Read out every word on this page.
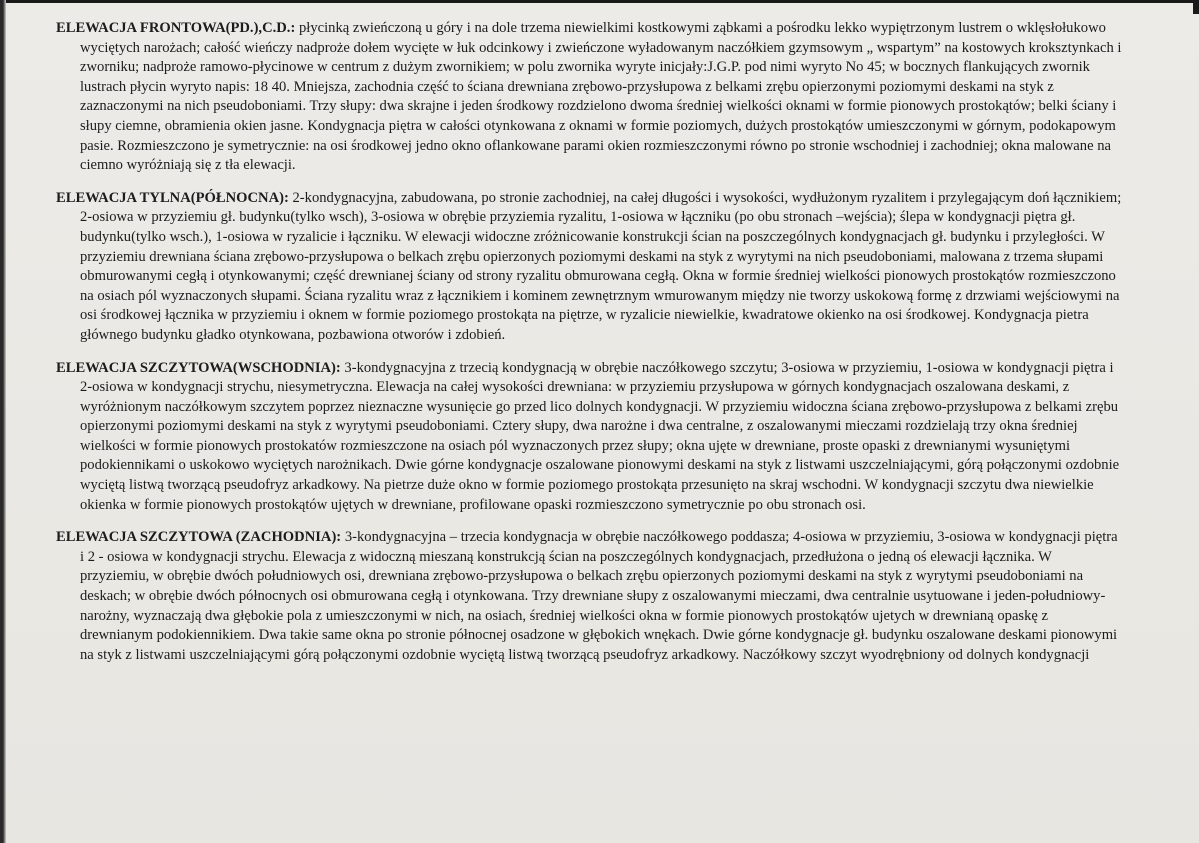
ELEWACJA FRONTOWA(PD.),C.D.: płycinką zwieńczoną u góry i na dole trzema niewielkimi kostkowymi ząbkami a pośrodku lekko wypiętrzonym lustrem o wklęsłołukowo wyciętych narożach; całość wieńczy nadproże dołem wycięte w łuk odcinkowy i zwieńczone wyładowanym naczółkiem gzymsowym „ wspartym” na kostowych kroksztynkach i zworniku; nadproże ramowo-płycinowe w centrum z dużym zwornikiem; w polu zwornika wyryte inicjały:J.G.P. pod nimi wyryto No 45; w bocznych flankujących zwornik lustrach płycin wyryto napis: 18 40. Mniejsza, zachodnia część to ściana drewniana zrębowo-przysłupowa z belkami zrębu opierzonymi poziomymi deskami na styk z zaznaczonymi na nich pseudoboniami. Trzy słupy: dwa skrajne i jeden środkowy rozdzielono dwoma średniej wielkości oknami w formie pionowych prostokątów; belki ściany i słupy ciemne, obramienia okien jasne. Kondygnacja piętra w całości otynkowana z oknami w formie poziomych, dużych prostokątów umieszczonymi w górnym, podokapowym pasie. Rozmieszczono je symetrycznie: na osi środkowej jedno okno oflankowane parami okien rozmieszczonymi równo po stronie wschodniej i zachodniej; okna malowane na ciemno wyróżniają się z tła elewacji.

ELEWACJA TYLNA(PÓŁNOCNA): 2-kondygnacyjna, zabudowana, po stronie zachodniej, na całej długości i wysokości, wydłużonym ryzalitem i przylegającym doń łącznikiem; 2-osiowa w przyziemiu gł. budynku(tylko wsch), 3-osiowa w obrębie przyziemia ryzalitu, 1-osiowa w łączniku (po obu stronach –wejścia); ślepa w kondygnacji piętra gł. budynku(tylko wsch.), 1-osiowa w ryzalicie i łączniku. W elewacji widoczne zróżnicowanie konstrukcji ścian na poszczególnych kondygnacjach gł. budynku i przyległości. W przyziemiu drewniana ściana zrębowo-przysłupowa o belkach zrębu opierzonych poziomymi deskami na styk z wyrytymi na nich pseudoboniami, malowana z trzema słupami obmurowanymi cegłą i otynkowanymi; część drewnianej ściany od strony ryzalitu obmurowana cegłą. Okna w formie średniej wielkości pionowych prostokątów rozmieszczono na osiach pól wyznaczonych słupami. Ściana ryzalitu wraz z łącznikiem i kominem zewnętrznym wmurowanym między nie tworzy uskokową formę z drzwiami wejściowymi na osi środkowej łącznika w przyziemiu i oknem w formie poziomego prostokąta na piętrze, w ryzalicie niewielkie, kwadratowe okienko na osi środkowej. Kondygnacja pietra głównego budynku gładko otynkowana, pozbawiona otworów i zdobień.

ELEWACJA SZCZYTOWA(WSCHODNIA): 3-kondygnacyjna z trzecią kondygnacją w obrębie naczółkowego szczytu; 3-osiowa w przyziemiu, 1-osiowa w kondygnacji piętra i 2-osiowa w kondygnacji strychu, niesymetryczna. Elewacja na całej wysokości drewniana: w przyziemiu przysłupowa w górnych kondygnacjach oszalowana deskami, z wyróżnionym naczółkowym szczytem poprzez nieznaczne wysunięcie go przed lico dolnych kondygnacji. W przyziemiu widoczna ściana zrębowo-przysłupowa z belkami zrębu opierzonymi poziomymi deskami na styk z wyrytymi pseudoboniami. Cztery słupy, dwa narożne i dwa centralne, z oszalowanymi mieczami rozdzielają trzy okna średniej wielkości w formie pionowych prostokatów rozmieszczone na osiach pól wyznaczonych przez słupy; okna ujęte w drewniane, proste opaski z drewnianymi wysuniętymi podokiennikami o uskokowo wyciętych narożnikach. Dwie górne kondygnacje oszalowane pionowymi deskami na styk z listwami uszczelniającymi, górą połączonymi ozdobnie wyciętą listwą tworzącą pseudofryz arkadkowy. Na pietrze duże okno w formie poziomego prostokąta przesunięto na skraj wschodni. W kondygnacji szczytu dwa niewielkie okienka w formie pionowych prostokątów ujętych w drewniane, profilowane opaski rozmieszczono symetrycznie po obu stronach osi.

ELEWACJA SZCZYTOWA (ZACHODNIA): 3-kondygnacyjna – trzecia kondygnacja w obrębie naczółkowego poddasza; 4-osiowa w przyziemiu, 3-osiowa w kondygnacji piętra i 2 - osiowa w kondygnacji strychu. Elewacja z widoczną mieszaną konstrukcją ścian na poszczególnych kondygnacjach, przedłużona o jedną oś elewacji łącznika. W przyziemiu, w obrębie dwóch południowych osi, drewniana zrębowo-przysłupowa o belkach zrębu opierzonych poziomymi deskami na styk z wyrytymi pseudoboniami na deskach; w obrębie dwóch północnych osi obmurowana cegłą i otynkowana. Trzy drewniane słupy z oszalowanymi mieczami, dwa centralnie usytuowane i jeden-południowy-narożny, wyznaczają dwa głębokie pola z umieszczonymi w nich, na osiach, średniej wielkości okna w formie pionowych prostokątów ujetych w drewnianą opaskę z drewnianym podokiennikiem. Dwa takie same okna po stronie północnej osadzone w głębokich wnękach. Dwie górne kondygnacje gł. budynku oszalowane deskami pionowymi na styk z listwami uszczelniającymi górą połączonymi ozdobnie wyciętą listwą tworzącą pseudofryz arkadkowy. Naczółkowy szczyt wyodrębniony od dolnych kondygnacji
